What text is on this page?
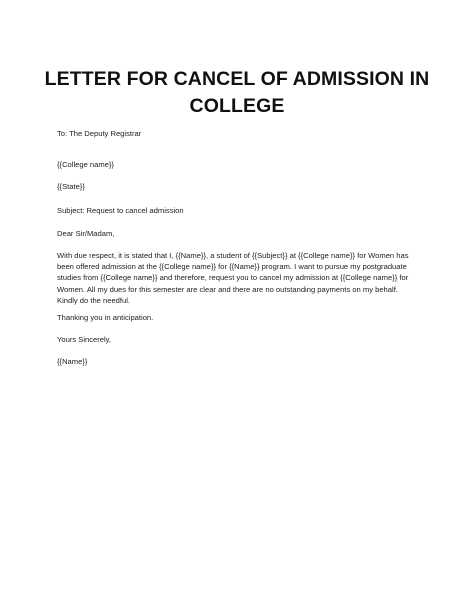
LETTER FOR CANCEL OF ADMISSION IN
COLLEGE
To: The Deputy Registrar
{{College name}}
{{State}}
Subject: Request to cancel admission
Dear Sir/Madam,
With due respect, it is stated that I, {{Name}}, a student of {{Subject}} at {{College name}} for Women has
been offered admission at the {{College name}} for {{Name}} program. I want to pursue my postgraduate
studies from {{College name}} and therefore, request you to cancel my admission at {{College name}} for
Women. All my dues for this semester are clear and there are no outstanding payments on my behalf.
Kindly do the needful.
Thanking you in anticipation.
Yours Sincerely,
{{Name}}
